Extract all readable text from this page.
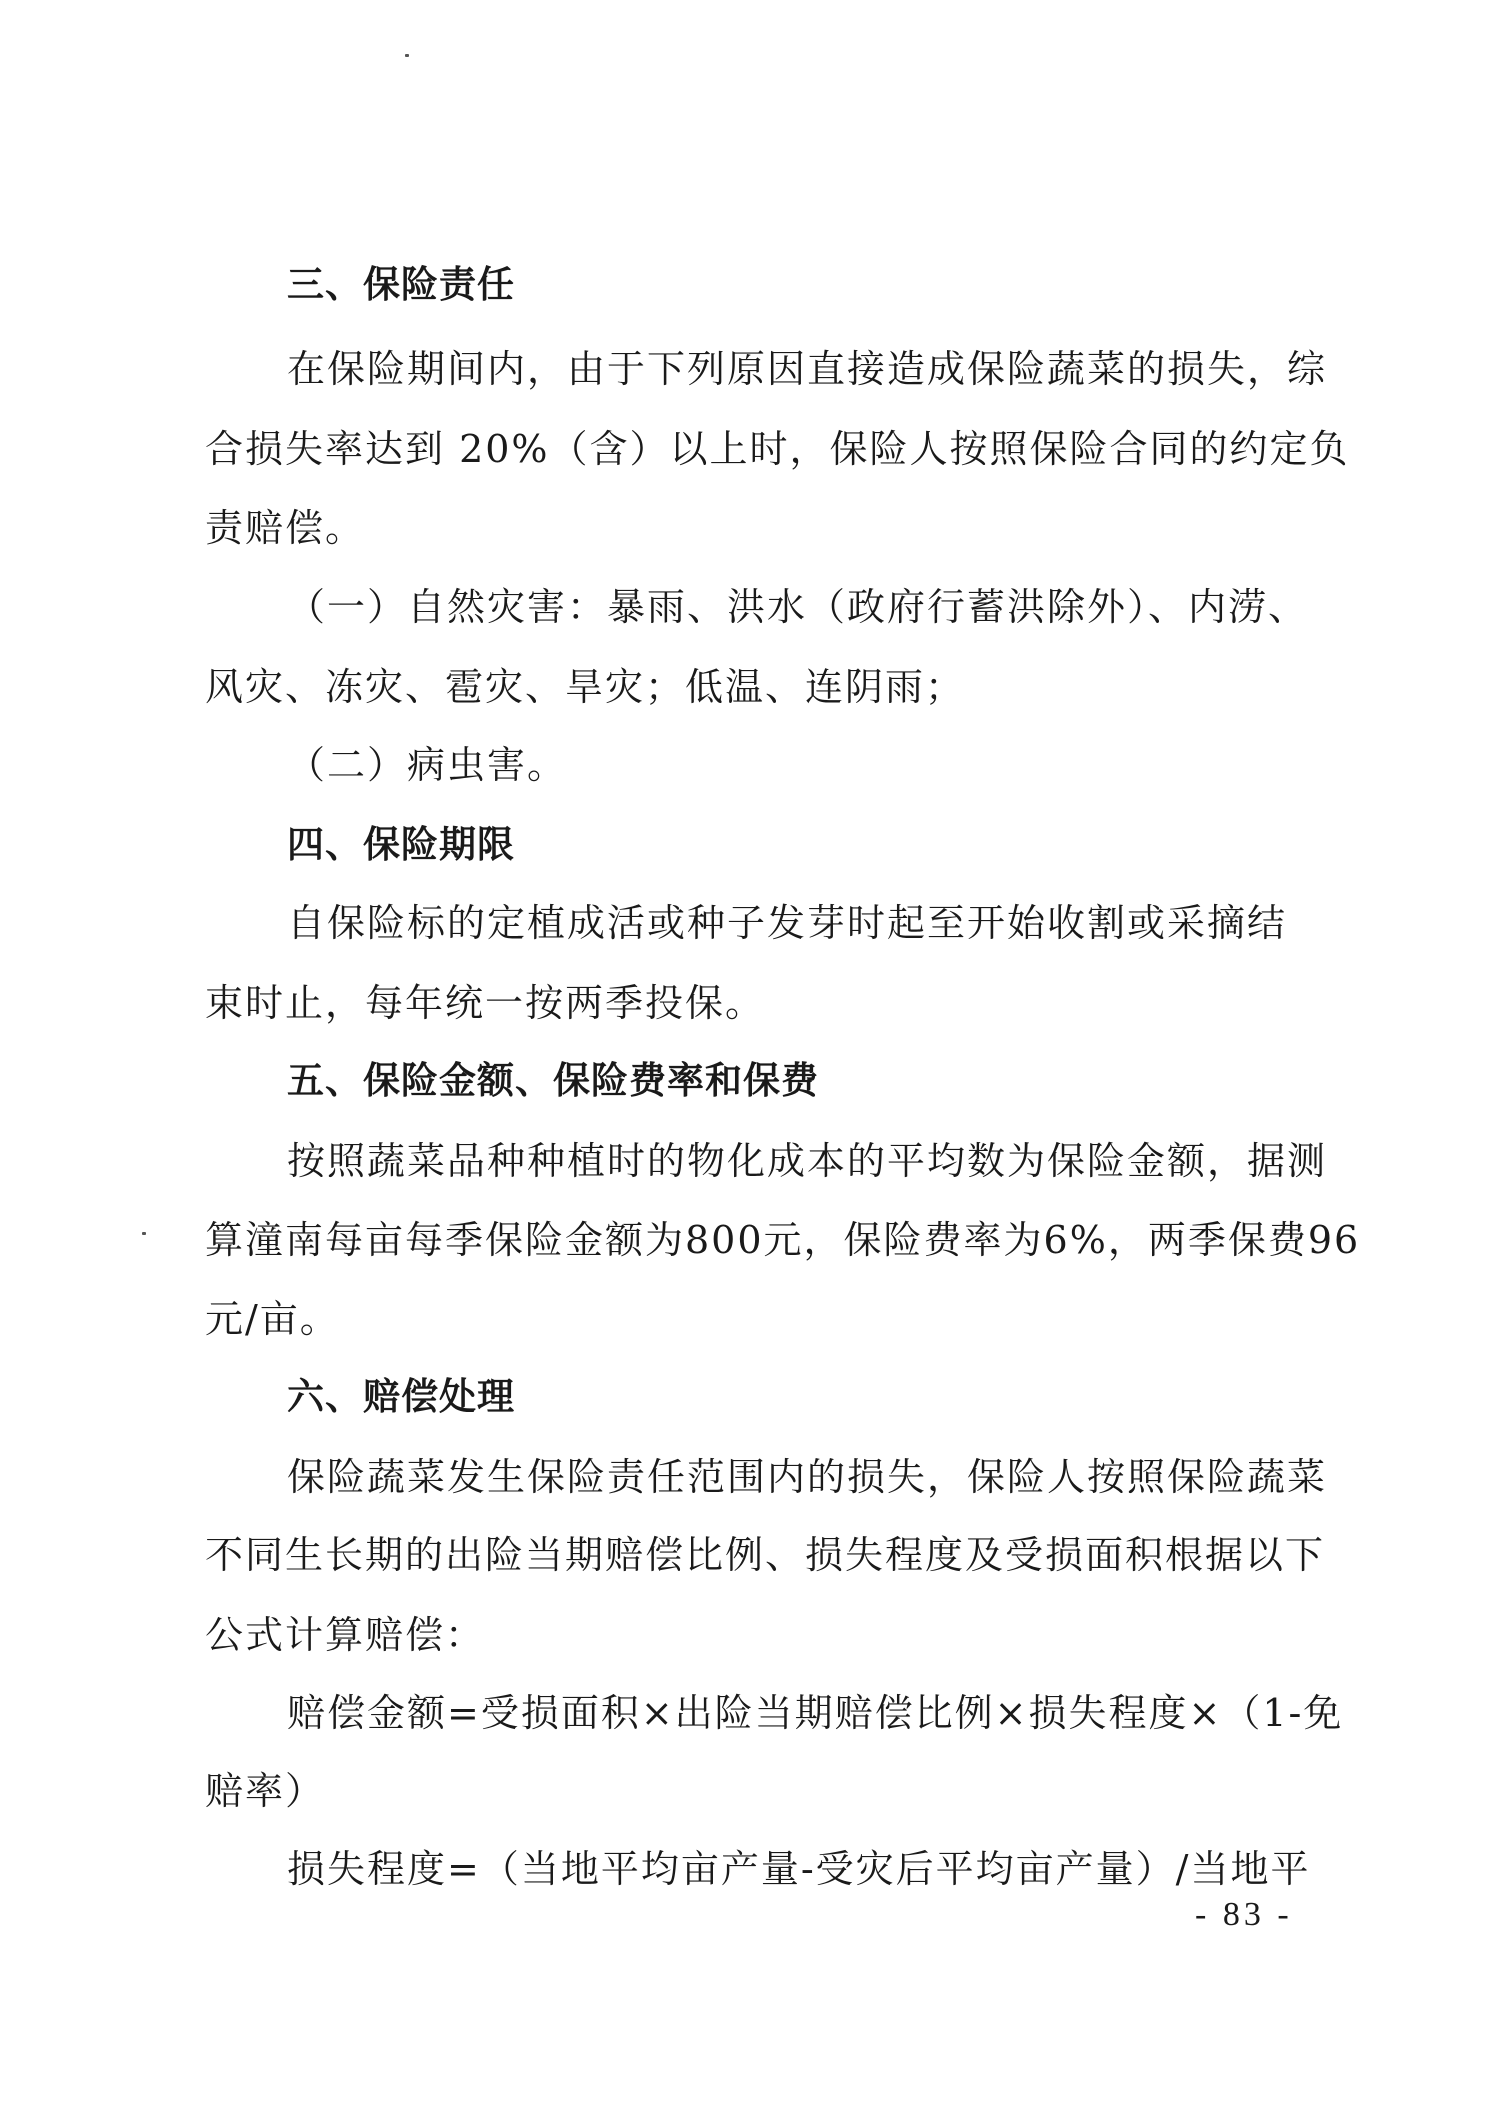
三、保险责任
在保险期间内，由于下列原因直接造成保险蔬菜的损失，综
合损失率达到 20%（含）以上时，保险人按照保险合同的约定负
责赔偿。
（一）自然灾害：暴雨、洪水（政府行蓄洪除外）、内涝、
风灾、冻灾、雹灾、旱灾；低温、连阴雨；
（二）病虫害。
四、保险期限
自保险标的定植成活或种子发芽时起至开始收割或采摘结
束时止，每年统一按两季投保。
五、保险金额、保险费率和保费
按照蔬菜品种种植时的物化成本的平均数为保险金额，据测
算潼南每亩每季保险金额为800元，保险费率为6%，两季保费96
元/亩。
六、赔偿处理
保险蔬菜发生保险责任范围内的损失，保险人按照保险蔬菜
不同生长期的出险当期赔偿比例、损失程度及受损面积根据以下
公式计算赔偿：
赔偿金额=受损面积×出险当期赔偿比例×损失程度×（1-免
赔率）
损失程度=（当地平均亩产量-受灾后平均亩产量）/当地平
- 83 -
